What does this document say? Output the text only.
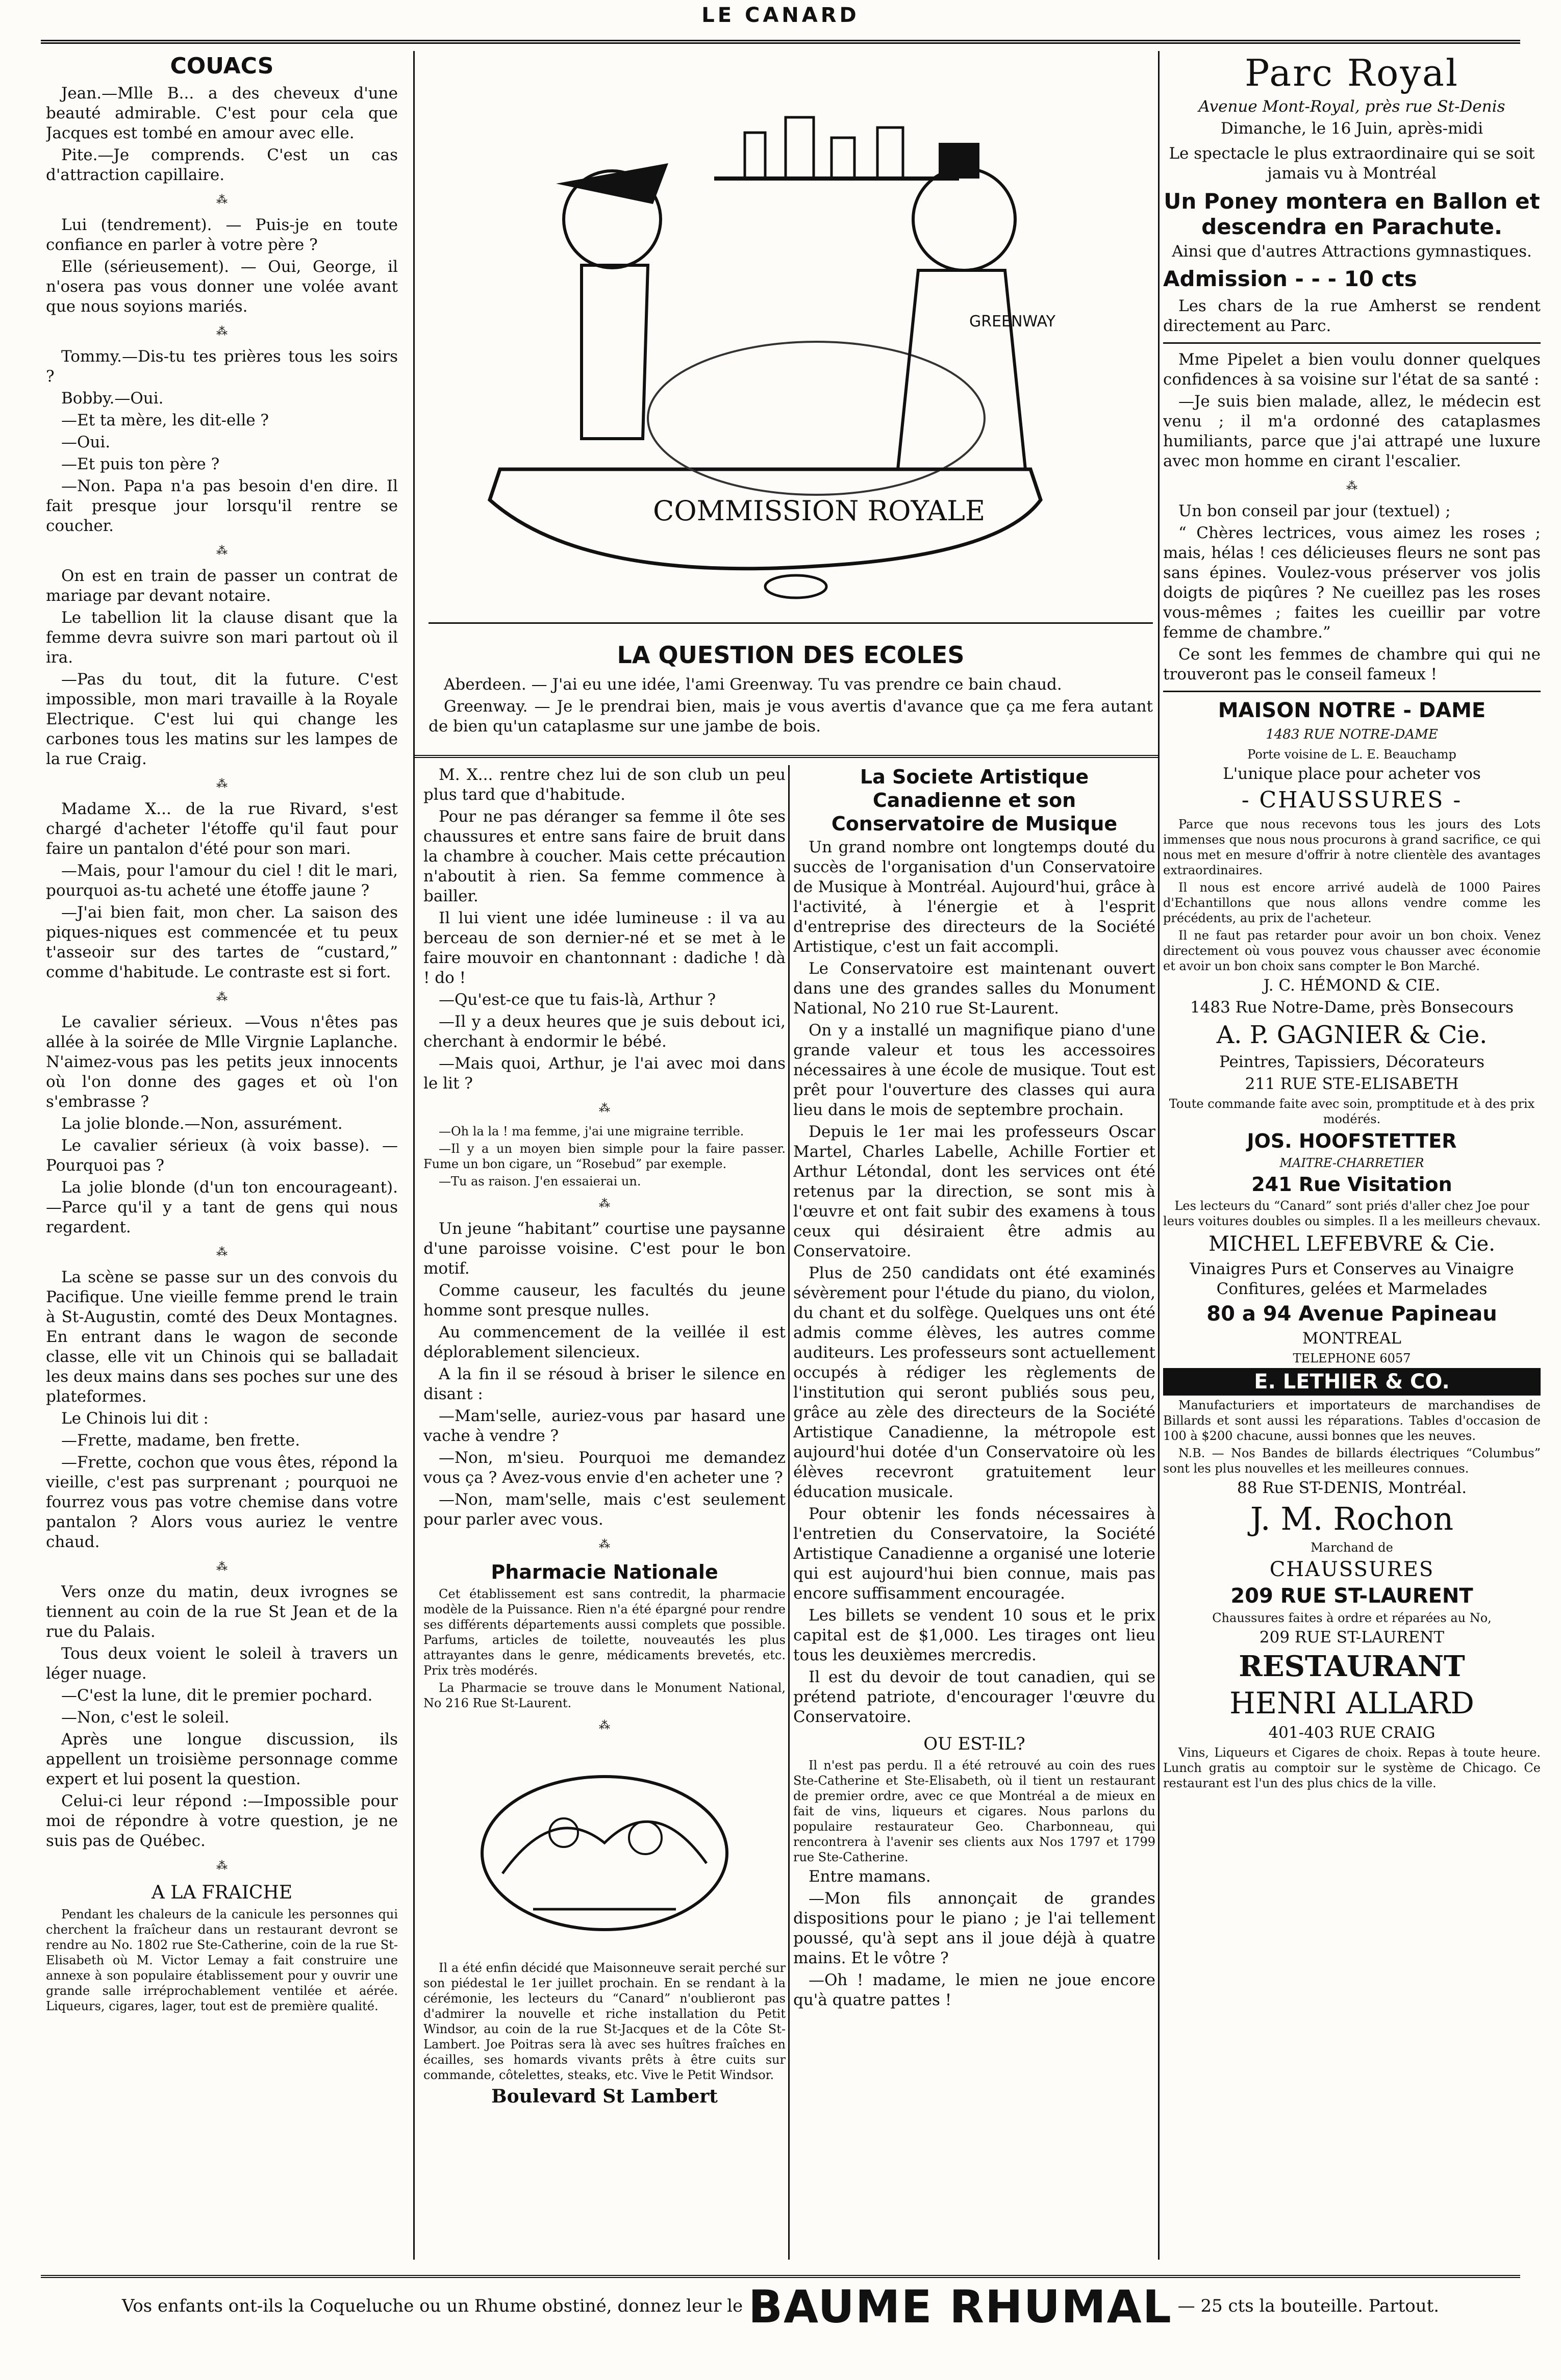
LE CANARD

COUACS

Jean.—Mlle B... a des cheveux d'une beauté admirable. C'est pour cela que Jacques est tombé en amour avec elle.

Pite.—Je comprends. C'est un cas d'attraction capillaire.

⁂

Lui (tendrement). — Puis-je en toute confiance en parler à votre père ?

Elle (sérieusement). — Oui, George, il n'osera pas vous donner une volée avant que nous soyions mariés.

⁂

Tommy.—Dis-tu tes prières tous les soirs ?

Bobby.—Oui.

—Et ta mère, les dit-elle ?

—Oui.

—Et puis ton père ?

—Non. Papa n'a pas besoin d'en dire. Il fait presque jour lorsqu'il rentre se coucher.

⁂

On est en train de passer un contrat de mariage par devant notaire.

Le tabellion lit la clause disant que la femme devra suivre son mari partout où il ira.

—Pas du tout, dit la future. C'est impossible, mon mari travaille à la Royale Electrique. C'est lui qui change les carbones tous les matins sur les lampes de la rue Craig.

⁂

Madame X... de la rue Rivard, s'est chargé d'acheter l'étoffe qu'il faut pour faire un pantalon d'été pour son mari.

—Mais, pour l'amour du ciel ! dit le mari, pourquoi as-tu acheté une étoffe jaune ?

—J'ai bien fait, mon cher. La saison des piques-niques est commencée et tu peux t'asseoir sur des tartes de “custard,” comme d'habitude. Le contraste est si fort.

⁂

Le cavalier sérieux. —Vous n'êtes pas allée à la soirée de Mlle Virgnie Laplanche. N'aimez-vous pas les petits jeux innocents où l'on donne des gages et où l'on s'embrasse ?

La jolie blonde.—Non, assurément.

Le cavalier sérieux (à voix basse). —Pourquoi pas ?

La jolie blonde (d'un ton encourageant).—Parce qu'il y a tant de gens qui nous regardent.

⁂

La scène se passe sur un des convois du Pacifique. Une vieille femme prend le train à St-Augustin, comté des Deux Montagnes. En entrant dans le wagon de seconde classe, elle vit un Chinois qui se balladait les deux mains dans ses poches sur une des plateformes.

Le Chinois lui dit :

—Frette, madame, ben frette.

—Frette, cochon que vous êtes, répond la vieille, c'est pas surprenant ; pourquoi ne fourrez vous pas votre chemise dans votre pantalon ? Alors vous auriez le ventre chaud.

⁂

Vers onze du matin, deux ivrognes se tiennent au coin de la rue St Jean et de la rue du Palais.

Tous deux voient le soleil à travers un léger nuage.

—C'est la lune, dit le premier pochard.

—Non, c'est le soleil.

Après une longue discussion, ils appellent un troisième personnage comme expert et lui posent la question.

Celui-ci leur répond :—Impossible pour moi de répondre à votre question, je ne suis pas de Québec.

⁂

A LA FRAICHE

Pendant les chaleurs de la canicule les personnes qui cherchent la fraîcheur dans un restaurant devront se rendre au No. 1802 rue Ste-Catherine, coin de la rue St-Elisabeth où M. Victor Lemay a fait construire une annexe à son populaire établissement pour y ouvrir une grande salle irréprochablement ventilée et aérée. Liqueurs, cigares, lager, tout est de première qualité.

COMMISSION ROYALE
GREENWAY

LA QUESTION DES ECOLES

Aberdeen. — J'ai eu une idée, l'ami Greenway. Tu vas prendre ce bain chaud.

Greenway. — Je le prendrai bien, mais je vous avertis d'avance que ça me fera autant de bien qu'un cataplasme sur une jambe de bois.

M. X... rentre chez lui de son club un peu plus tard que d'habitude.

Pour ne pas déranger sa femme il ôte ses chaussures et entre sans faire de bruit dans la chambre à coucher. Mais cette précaution n'aboutit à rien. Sa femme commence à bailler.

Il lui vient une idée lumineuse : il va au berceau de son dernier-né et se met à le faire mouvoir en chantonnant : dadiche ! dà ! do !

—Qu'est-ce que tu fais-là, Arthur ?

—Il y a deux heures que je suis debout ici, cherchant à endormir le bébé.

—Mais quoi, Arthur, je l'ai avec moi dans le lit ?

⁂

—Oh la la ! ma femme, j'ai une migraine terrible.

—Il y a un moyen bien simple pour la faire passer. Fume un bon cigare, un “Rosebud” par exemple.

—Tu as raison. J'en essaierai un.

⁂

Un jeune “habitant” courtise une paysanne d'une paroisse voisine. C'est pour le bon motif.

Comme causeur, les facultés du jeune homme sont presque nulles.

Au commencement de la veillée il est déplorablement silencieux.

A la fin il se résoud à briser le silence en disant :

—Mam'selle, auriez-vous par hasard une vache à vendre ?

—Non, m'sieu. Pourquoi me demandez vous ça ? Avez-vous envie d'en acheter une ?

—Non, mam'selle, mais c'est seulement pour parler avec vous.

⁂

Pharmacie Nationale

Cet établissement est sans contredit, la pharmacie modèle de la Puissance. Rien n'a été épargné pour rendre ses différents départements aussi complets que possible. Parfums, articles de toilette, nouveautés les plus attrayantes dans le genre, médicaments brevetés, etc. Prix très modérés.

La Pharmacie se trouve dans le Monument National, No 216 Rue St-Laurent.

⁂

Il a été enfin décidé que Maisonneuve serait perché sur son piédestal le 1er juillet prochain. En se rendant à la cérémonie, les lecteurs du “Canard” n'oublieront pas d'admirer la nouvelle et riche installation du Petit Windsor, au coin de la rue St-Jacques et de la Côte St-Lambert. Joe Poitras sera là avec ses huîtres fraîches en écailles, ses homards vivants prêts à être cuits sur commande, côtelettes, steaks, etc. Vive le Petit Windsor.

Boulevard St Lambert

La Societe Artistique Canadienne et son Conservatoire de Musique

Un grand nombre ont longtemps douté du succès de l'organisation d'un Conservatoire de Musique à Montréal. Aujourd'hui, grâce à l'activité, à l'énergie et à l'esprit d'entreprise des directeurs de la Société Artistique, c'est un fait accompli.

Le Conservatoire est maintenant ouvert dans une des grandes salles du Monument National, No 210 rue St-Laurent.

On y a installé un magnifique piano d'une grande valeur et tous les accessoires nécessaires à une école de musique. Tout est prêt pour l'ouverture des classes qui aura lieu dans le mois de septembre prochain.

Depuis le 1er mai les professeurs Oscar Martel, Charles Labelle, Achille Fortier et Arthur Létondal, dont les services ont été retenus par la direction, se sont mis à l'œuvre et ont fait subir des examens à tous ceux qui désiraient être admis au Conservatoire.

Plus de 250 candidats ont été examinés sévèrement pour l'étude du piano, du violon, du chant et du solfège. Quelques uns ont été admis comme élèves, les autres comme auditeurs. Les professeurs sont actuellement occupés à rédiger les règlements de l'institution qui seront publiés sous peu, grâce au zèle des directeurs de la Société Artistique Canadienne, la métropole est aujourd'hui dotée d'un Conservatoire où les élèves recevront gratuitement leur éducation musicale.

Pour obtenir les fonds nécessaires à l'entretien du Conservatoire, la Société Artistique Canadienne a organisé une loterie qui est aujourd'hui bien connue, mais pas encore suffisamment encouragée.

Les billets se vendent 10 sous et le prix capital est de $1,000. Les tirages ont lieu tous les deuxièmes mercredis.

Il est du devoir de tout canadien, qui se prétend patriote, d'encourager l'œuvre du Conservatoire.

OU EST-IL?

Il n'est pas perdu. Il a été retrouvé au coin des rues Ste-Catherine et Ste-Elisabeth, où il tient un restaurant de premier ordre, avec ce que Montréal a de mieux en fait de vins, liqueurs et cigares. Nous parlons du populaire restaurateur Geo. Charbonneau, qui rencontrera à l'avenir ses clients aux Nos 1797 et 1799 rue Ste-Catherine.

Entre mamans.

—Mon fils annonçait de grandes dispositions pour le piano ; je l'ai tellement poussé, qu'à sept ans il joue déjà à quatre mains. Et le vôtre ?

—Oh ! madame, le mien ne joue encore qu'à quatre pattes !

Parc Royal

Avenue Mont-Royal, près rue St-Denis

Dimanche, le 16 Juin, après-midi

Le spectacle le plus extraordinaire qui se soit jamais vu à Montréal

Un Poney montera en Ballon et descendra en Parachute.

Ainsi que d'autres Attractions gymnastiques.

Admission - - - 10 cts

Les chars de la rue Amherst se rendent directement au Parc.

Mme Pipelet a bien voulu donner quelques confidences à sa voisine sur l'état de sa santé :

—Je suis bien malade, allez, le médecin est venu ; il m'a ordonné des cataplasmes humiliants, parce que j'ai attrapé une luxure avec mon homme en cirant l'escalier.

⁂

Un bon conseil par jour (textuel) ;

“ Chères lectrices, vous aimez les roses ; mais, hélas ! ces délicieuses fleurs ne sont pas sans épines. Voulez-vous préserver vos jolis doigts de piqûres ? Ne cueillez pas les roses vous-mêmes ; faites les cueillir par votre femme de chambre.”

Ce sont les femmes de chambre qui qui ne trouveront pas le conseil fameux !

MAISON NOTRE - DAME

1483 RUE NOTRE-DAME

Porte voisine de L. E. Beauchamp

L'unique place pour acheter vos

- CHAUSSURES -

Parce que nous recevons tous les jours des Lots immenses que nous nous procurons à grand sacrifice, ce qui nous met en mesure d'offrir à notre clientèle des avantages extraordinaires.

Il nous est encore arrivé audelà de 1000 Paires d'Echantillons que nous allons vendre comme les précédents, au prix de l'acheteur.

Il ne faut pas retarder pour avoir un bon choix. Venez directement où vous pouvez vous chausser avec économie et avoir un bon choix sans compter le Bon Marché.

J. C. HÉMOND & CIE.

1483 Rue Notre-Dame, près Bonsecours

A. P. GAGNIER & Cie.

Peintres, Tapissiers, Décorateurs

211 RUE STE-ELISABETH

Toute commande faite avec soin, promptitude et à des prix modérés.

JOS. HOOFSTETTER

MAITRE-CHARRETIER

241 Rue Visitation

Les lecteurs du “Canard” sont priés d'aller chez Joe pour leurs voitures doubles ou simples. Il a les meilleurs chevaux.

MICHEL LEFEBVRE & Cie.

Vinaigres Purs et Conserves au Vinaigre Confitures, gelées et Marmelades

80 a 94 Avenue Papineau

MONTREAL

TELEPHONE 6057

E. LETHIER & CO.

Manufacturiers et importateurs de marchandises de Billards et sont aussi les réparations. Tables d'occasion de 100 à $200 chacune, aussi bonnes que les neuves.

N.B. — Nos Bandes de billards électriques “Columbus” sont les plus nouvelles et les meilleures connues.

88 Rue ST-DENIS, Montréal.

J. M. Rochon

Marchand de

CHAUSSURES

209 RUE ST-LAURENT

Chaussures faites à ordre et réparées au No,

209 RUE ST-LAURENT

RESTAURANT

HENRI ALLARD

401-403 RUE CRAIG

Vins, Liqueurs et Cigares de choix. Repas à toute heure. Lunch gratis au comptoir sur le système de Chicago. Ce restaurant est l'un des plus chics de la ville.

Vos enfants ont-ils la Coqueluche ou un Rhume obstiné, donnez leur le BAUME RHUMAL — 25 cts la bouteille. Partout.
